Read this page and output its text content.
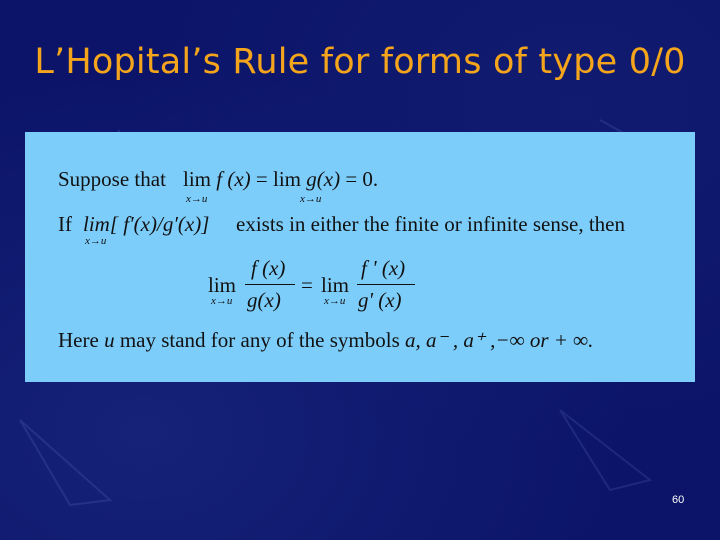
L’Hopital’s Rule for forms of type 0/0
Suppose that lim f (x) = lim g(x) = 0.
x→u	x→u
If lim[ f′(x)/g′(x)] exists in either the finite or infinite sense, then
x→u
lim
x→u
f (x)
g(x)
= lim
x→u
f ' (x)
g' (x)
Here u may stand for any of the symbols a, a⁻ , a⁺ ,−∞ or + ∞.
60
